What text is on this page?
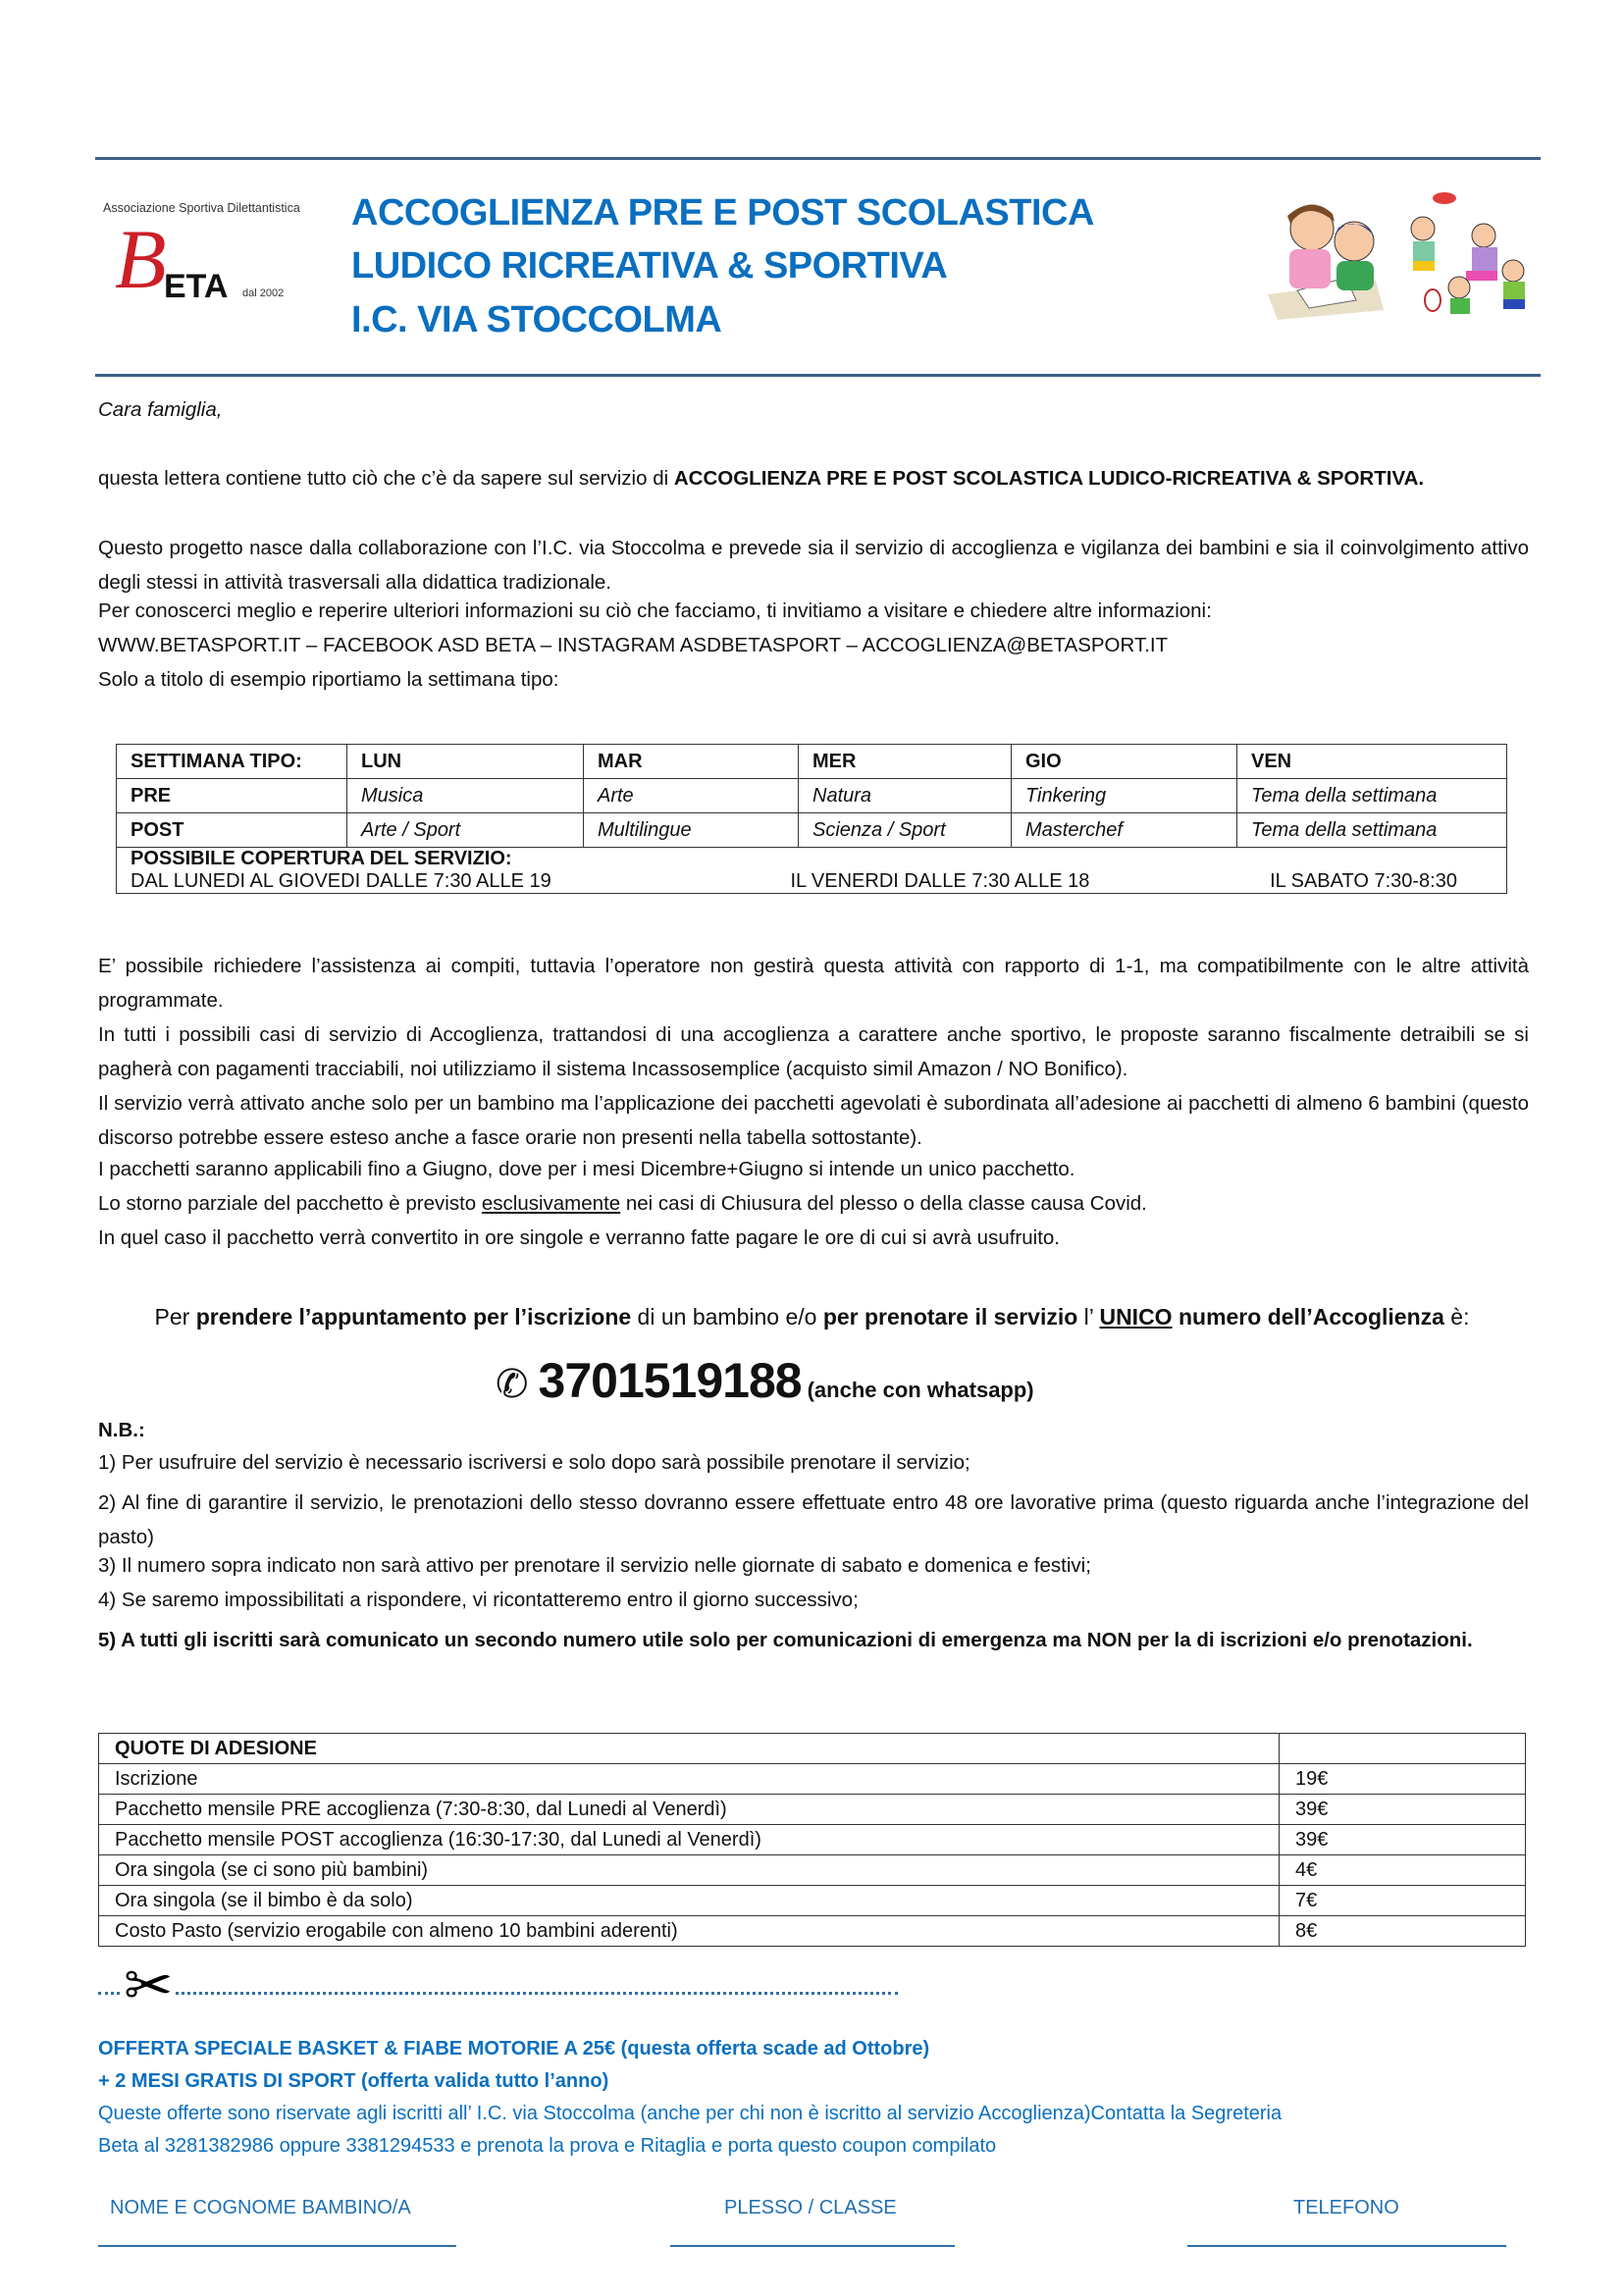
Associazione Sportiva Dilettantistica
B
ETA dal 2002
ACCOGLIENZA PRE E POST SCOLASTICA
LUDICO RICREATIVA & SPORTIVA
I.C. VIA STOCCOLMA
Cara famiglia,
questa lettera contiene tutto ciò che c’è da sapere sul servizio di ACCOGLIENZA PRE E POST SCOLASTICA LUDICO-RICREATIVA & SPORTIVA.
Questo progetto nasce dalla collaborazione con l’I.C. via Stoccolma e prevede sia il servizio di accoglienza e vigilanza dei bambini e sia il coinvolgimento attivo degli stessi in attività trasversali alla didattica tradizionale.
Per conoscerci meglio e reperire ulteriori informazioni su ciò che facciamo, ti invitiamo a visitare e chiedere altre informazioni:
WWW.BETASPORT.IT – FACEBOOK ASD BETA – INSTAGRAM ASDBETASPORT – ACCOGLIENZA@BETASPORT.IT
Solo a titolo di esempio riportiamo la settimana tipo:
SETTIMANA TIPO:	LUN	MAR	MER	GIO	VEN
PRE	Musica	Arte	Natura	Tinkering	Tema della settimana
POST	Arte / Sport	Multilingue	Scienza / Sport	Masterchef	Tema della settimana

POSSIBILE COPERTURA DEL SERVIZIO:
DAL LUNEDI AL GIOVEDI DALLE 7:30 ALLE 19 IL VENERDI DALLE 7:30 ALLE 18 IL SABATO 7:30-8:30					
E’ possibile richiedere l’assistenza ai compiti, tuttavia l’operatore non gestirà questa attività con rapporto di 1-1, ma compatibilmente con le altre attività programmate.
In tutti i possibili casi di servizio di Accoglienza, trattandosi di una accoglienza a carattere anche sportivo, le proposte saranno fiscalmente detraibili se si pagherà con pagamenti tracciabili, noi utilizziamo il sistema Incassosemplice (acquisto simil Amazon / NO Bonifico).
Il servizio verrà attivato anche solo per un bambino ma l’applicazione dei pacchetti agevolati è subordinata all’adesione ai pacchetti di almeno 6 bambini (questo discorso potrebbe essere esteso anche a fasce orarie non presenti nella tabella sottostante).
I pacchetti saranno applicabili fino a Giugno, dove per i mesi Dicembre+Giugno si intende un unico pacchetto.
Lo storno parziale del pacchetto è previsto esclusivamente nei casi di Chiusura del plesso o della classe causa Covid.
In quel caso il pacchetto verrà convertito in ore singole e verranno fatte pagare le ore di cui si avrà usufruito.
Per prendere l’appuntamento per l’iscrizione di un bambino e/o per prenotare il servizio l’ UNICO numero dell’Accoglienza è:
✆ 3701519188 (anche con whatsapp)
N.B.:
1) Per usufruire del servizio è necessario iscriversi e solo dopo sarà possibile prenotare il servizio;
2) Al fine di garantire il servizio, le prenotazioni dello stesso dovranno essere effettuate entro 48 ore lavorative prima (questo riguarda anche l’integrazione del pasto)
3) Il numero sopra indicato non sarà attivo per prenotare il servizio nelle giornate di sabato e domenica e festivi;
4) Se saremo impossibilitati a rispondere, vi ricontatteremo entro il giorno successivo;
5) A tutti gli iscritti sarà comunicato un secondo numero utile solo per comunicazioni di emergenza ma NON per la di iscrizioni e/o prenotazioni.
QUOTE DI ADESIONE	
Iscrizione	19€
Pacchetto mensile PRE accoglienza (7:30-8:30, dal Lunedi al Venerdì)	39€
Pacchetto mensile POST accoglienza (16:30-17:30, dal Lunedi al Venerdì)	39€
Ora singola (se ci sono più bambini)	4€
Ora singola (se il bimbo è da solo)	7€
Costo Pasto (servizio erogabile con almeno 10 bambini aderenti)	8€
✂
OFFERTA SPECIALE BASKET & FIABE MOTORIE A 25€ (questa offerta scade ad Ottobre)
+ 2 MESI GRATIS DI SPORT (offerta valida tutto l’anno)
Queste offerte sono riservate agli iscritti all’ I.C. via Stoccolma (anche per chi non è iscritto al servizio Accoglienza)Contatta la Segreteria
Beta al 3281382986 oppure 3381294533 e prenota la prova e Ritaglia e porta questo coupon compilato
NOME E COGNOME BAMBINO/A	PLESSO / CLASSE	TELEFONO
